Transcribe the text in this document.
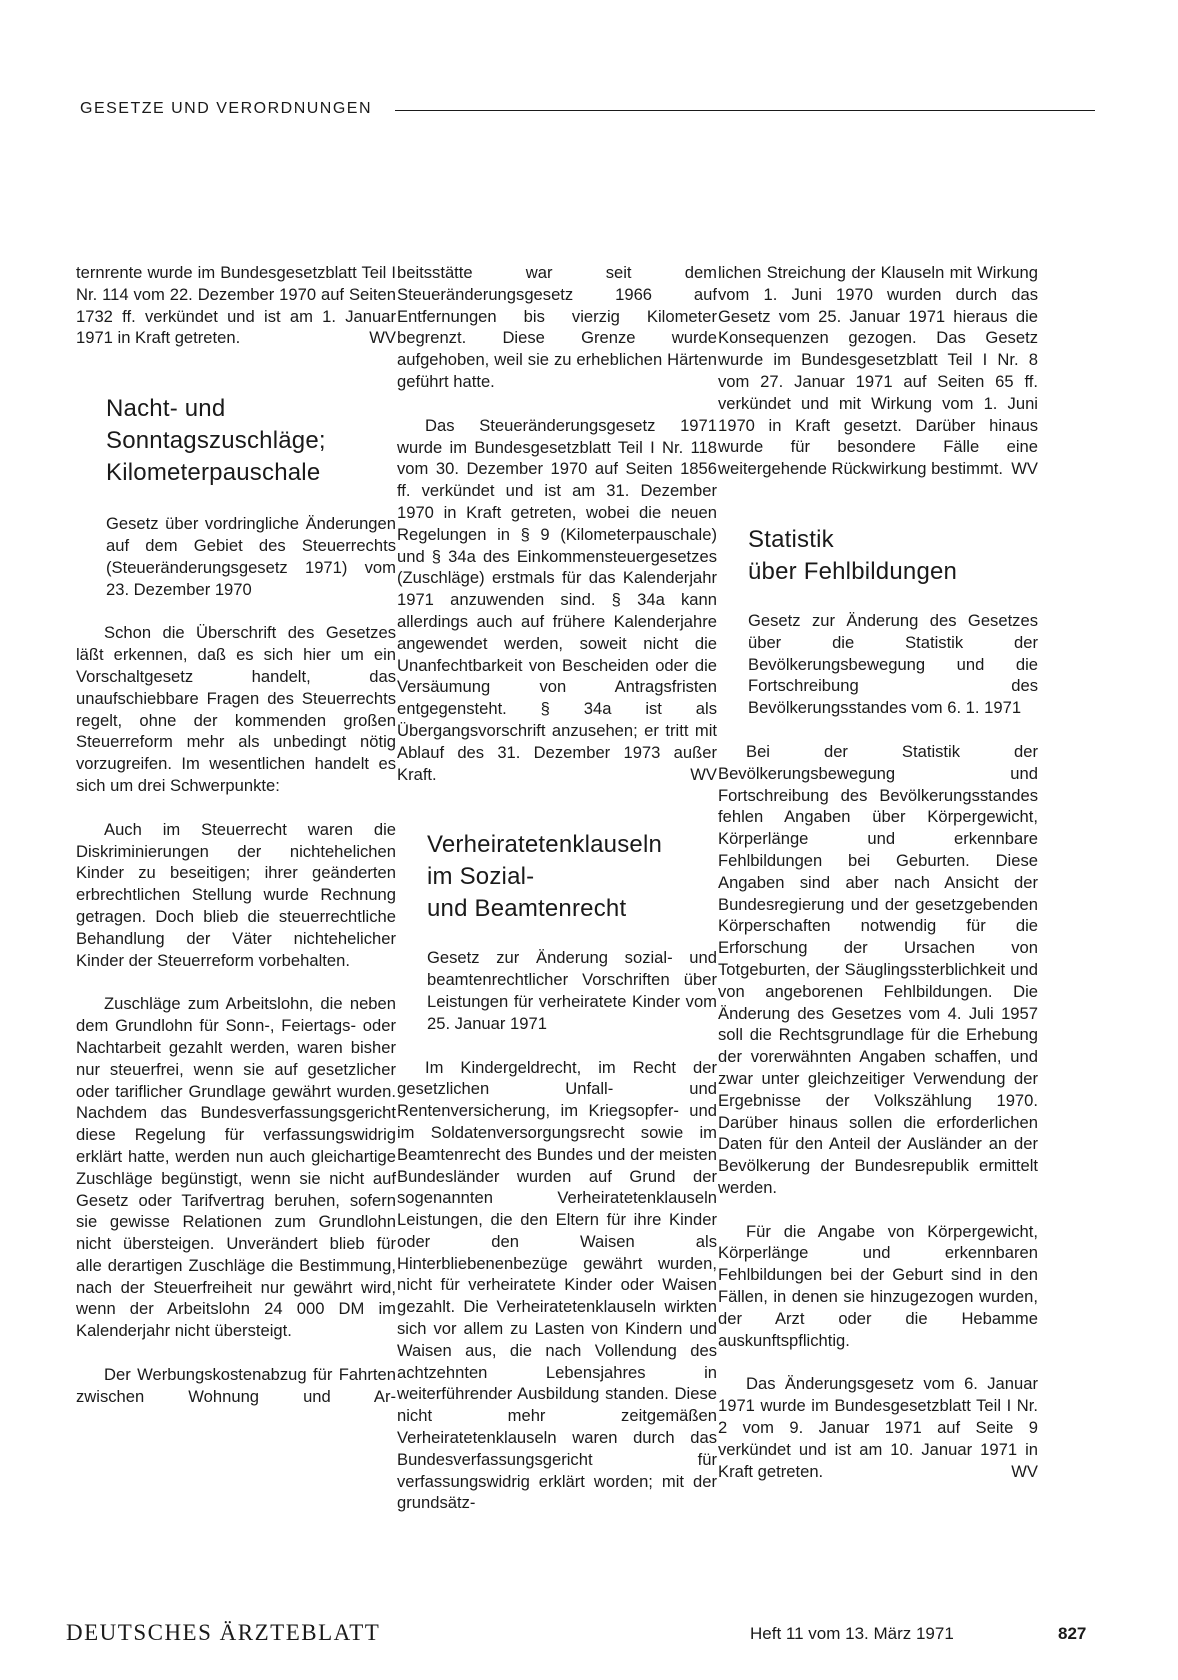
GESETZE UND VERORDNUNGEN

ternrente wurde im Bundesgesetzblatt Teil I Nr. 114 vom 22. Dezember 1970 auf Seiten 1732 ff. verkündet und ist am 1. Januar 1971 in Kraft getreten.	WV

Nacht- und
Sonntagszuschläge;
Kilometerpauschale

Gesetz über vordringliche Änderungen auf dem Gebiet des Steuerrechts (Steueränderungsgesetz 1971) vom 23. Dezember 1970

Schon die Überschrift des Gesetzes läßt erkennen, daß es sich hier um ein Vorschaltgesetz handelt, das unaufschiebbare Fragen des Steuerrechts regelt, ohne der kommenden großen Steuerreform mehr als unbedingt nötig vorzugreifen. Im wesentlichen handelt es sich um drei Schwerpunkte:

Auch im Steuerrecht waren die Diskriminierungen der nichtehelichen Kinder zu beseitigen; ihrer geänderten erbrechtlichen Stellung wurde Rechnung getragen. Doch blieb die steuerrechtliche Behandlung der Väter nichtehelicher Kinder der Steuerreform vorbehalten.

Zuschläge zum Arbeitslohn, die neben dem Grundlohn für Sonn-, Feiertags- oder Nachtarbeit gezahlt werden, waren bisher nur steuerfrei, wenn sie auf gesetzlicher oder tariflicher Grundlage gewährt wurden. Nachdem das Bundesverfassungsgericht diese Regelung für verfassungswidrig erklärt hatte, werden nun auch gleichartige Zuschläge begünstigt, wenn sie nicht auf Gesetz oder Tarifvertrag beruhen, sofern sie gewisse Relationen zum Grundlohn nicht übersteigen. Unverändert blieb für alle derartigen Zuschläge die Bestimmung, nach der Steuerfreiheit nur gewährt wird, wenn der Arbeitslohn 24 000 DM im Kalenderjahr nicht übersteigt.

Der Werbungskostenabzug für Fahrten zwischen Wohnung und Ar-

beitsstätte war seit dem Steueränderungsgesetz 1966 auf Entfernungen bis vierzig Kilometer begrenzt. Diese Grenze wurde aufgehoben, weil sie zu erheblichen Härten geführt hatte.

Das Steueränderungsgesetz 1971 wurde im Bundesgesetzblatt Teil I Nr. 118 vom 30. Dezember 1970 auf Seiten 1856 ff. verkündet und ist am 31. Dezember 1970 in Kraft getreten, wobei die neuen Regelungen in § 9 (Kilometerpauschale) und § 34a des Einkommensteuergesetzes (Zuschläge) erstmals für das Kalenderjahr 1971 anzuwenden sind. § 34a kann allerdings auch auf frühere Kalenderjahre angewendet werden, soweit nicht die Unanfechtbarkeit von Bescheiden oder die Versäumung von Antragsfristen entgegensteht. § 34a ist als Übergangsvorschrift anzusehen; er tritt mit Ablauf des 31. Dezember 1973 außer Kraft.	WV

Verheiratetenklauseln
im Sozial-
und Beamtenrecht

Gesetz zur Änderung sozial- und beamtenrechtlicher Vorschriften über Leistungen für verheiratete Kinder vom 25. Januar 1971

Im Kindergeldrecht, im Recht der gesetzlichen Unfall- und Rentenversicherung, im Kriegsopfer- und im Soldatenversorgungsrecht sowie im Beamtenrecht des Bundes und der meisten Bundesländer wurden auf Grund der sogenannten Verheiratetenklauseln Leistungen, die den Eltern für ihre Kinder oder den Waisen als Hinterbliebenenbezüge gewährt wurden, nicht für verheiratete Kinder oder Waisen gezahlt. Die Verheiratetenklauseln wirkten sich vor allem zu Lasten von Kindern und Waisen aus, die nach Vollendung des achtzehnten Lebensjahres in weiterführender Ausbildung standen. Diese nicht mehr zeitgemäßen Verheiratetenklauseln waren durch das Bundesverfassungsgericht für verfassungswidrig erklärt worden; mit der grundsätz-

lichen Streichung der Klauseln mit Wirkung vom 1. Juni 1970 wurden durch das Gesetz vom 25. Januar 1971 hieraus die Konsequenzen gezogen. Das Gesetz wurde im Bundesgesetzblatt Teil I Nr. 8 vom 27. Januar 1971 auf Seiten 65 ff. verkündet und mit Wirkung vom 1. Juni 1970 in Kraft gesetzt. Darüber hinaus wurde für besondere Fälle eine weitergehende Rückwirkung bestimmt. WV

Statistik
über Fehlbildungen

Gesetz zur Änderung des Gesetzes über die Statistik der Bevölkerungsbewegung und die Fortschreibung des Bevölkerungsstandes vom 6. 1. 1971

Bei der Statistik der Bevölkerungsbewegung und Fortschreibung des Bevölkerungsstandes fehlen Angaben über Körpergewicht, Körperlänge und erkennbare Fehlbildungen bei Geburten. Diese Angaben sind aber nach Ansicht der Bundesregierung und der gesetzgebenden Körperschaften notwendig für die Erforschung der Ursachen von Totgeburten, der Säuglingssterblichkeit und von angeborenen Fehlbildungen. Die Änderung des Gesetzes vom 4. Juli 1957 soll die Rechtsgrundlage für die Erhebung der vorerwähnten Angaben schaffen, und zwar unter gleichzeitiger Verwendung der Ergebnisse der Volkszählung 1970. Darüber hinaus sollen die erforderlichen Daten für den Anteil der Ausländer an der Bevölkerung der Bundesrepublik ermittelt werden.

Für die Angabe von Körpergewicht, Körperlänge und erkennbaren Fehlbildungen bei der Geburt sind in den Fällen, in denen sie hinzugezogen wurden, der Arzt oder die Hebamme auskunftspflichtig.

Das Änderungsgesetz vom 6. Januar 1971 wurde im Bundesgesetzblatt Teil I Nr. 2 vom 9. Januar 1971 auf Seite 9 verkündet und ist am 10. Januar 1971 in Kraft getreten.	WV

DEUTSCHES ÄRZTEBLATT	Heft 11 vom 13. März 1971	827
